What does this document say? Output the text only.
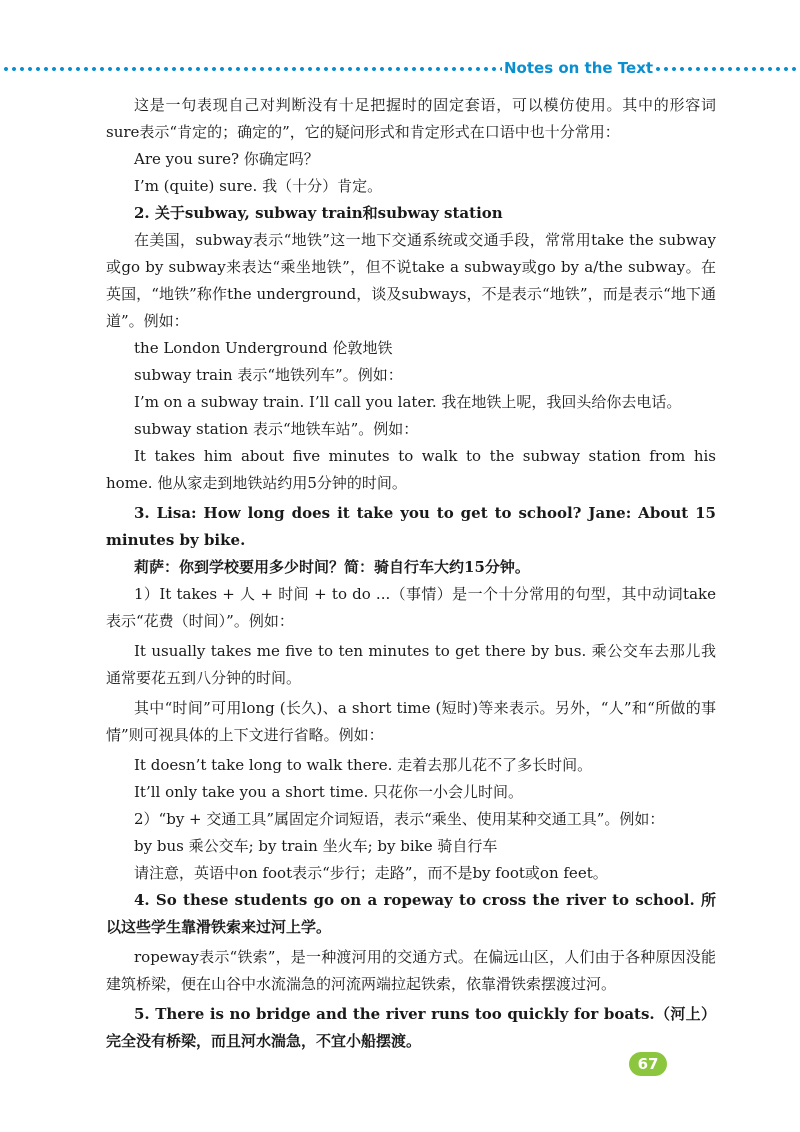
Notes on the Text

这是一句表现自己对判断没有十足把握时的固定套语，可以模仿使用。其中的形容词sure表示“肯定的；确定的”，它的疑问形式和肯定形式在口语中也十分常用：

Are you sure? 你确定吗？

I’m (quite) sure. 我（十分）肯定。

2. 关于subway, subway train和subway station

在美国，subway表示“地铁”这一地下交通系统或交通手段，常常用take the subway或go by subway来表达“乘坐地铁”，但不说take a subway或go by a/the subway。在英国，“地铁”称作the underground，谈及subways，不是表示“地铁”，而是表示“地下通道”。例如：

the London Underground 伦敦地铁

subway train 表示“地铁列车”。例如：

I’m on a subway train. I’ll call you later. 我在地铁上呢，我回头给你去电话。

subway station 表示“地铁车站”。例如：

It takes him about five minutes to walk to the subway station from his home. 他从家走到地铁站约用5分钟的时间。

3. Lisa: How long does it take you to get to school? Jane: About 15 minutes by bike.

莉萨：你到学校要用多少时间？简：骑自行车大约15分钟。

1）It takes + 人 + 时间 + to do ...（事情）是一个十分常用的句型，其中动词take表示“花费（时间）”。例如：

It usually takes me five to ten minutes to get there by bus. 乘公交车去那儿我通常要花五到八分钟的时间。

其中“时间”可用long (长久)、a short time (短时)等来表示。另外，“人”和“所做的事情”则可视具体的上下文进行省略。例如：

It doesn’t take long to walk there. 走着去那儿花不了多长时间。

It’ll only take you a short time. 只花你一小会儿时间。

2）“by + 交通工具”属固定介词短语，表示“乘坐、使用某种交通工具”。例如：

by bus 乘公交车; by train 坐火车; by bike 骑自行车

请注意，英语中on foot表示“步行；走路”，而不是by foot或on feet。

4. So these students go on a ropeway to cross the river to school. 所以这些学生靠滑铁索来过河上学。

ropeway表示“铁索”，是一种渡河用的交通方式。在偏远山区，人们由于各种原因没能建筑桥梁，便在山谷中水流湍急的河流两端拉起铁索，依靠滑铁索摆渡过河。

5. There is no bridge and the river runs too quickly for boats.（河上）完全没有桥梁，而且河水湍急，不宜小船摆渡。

67
